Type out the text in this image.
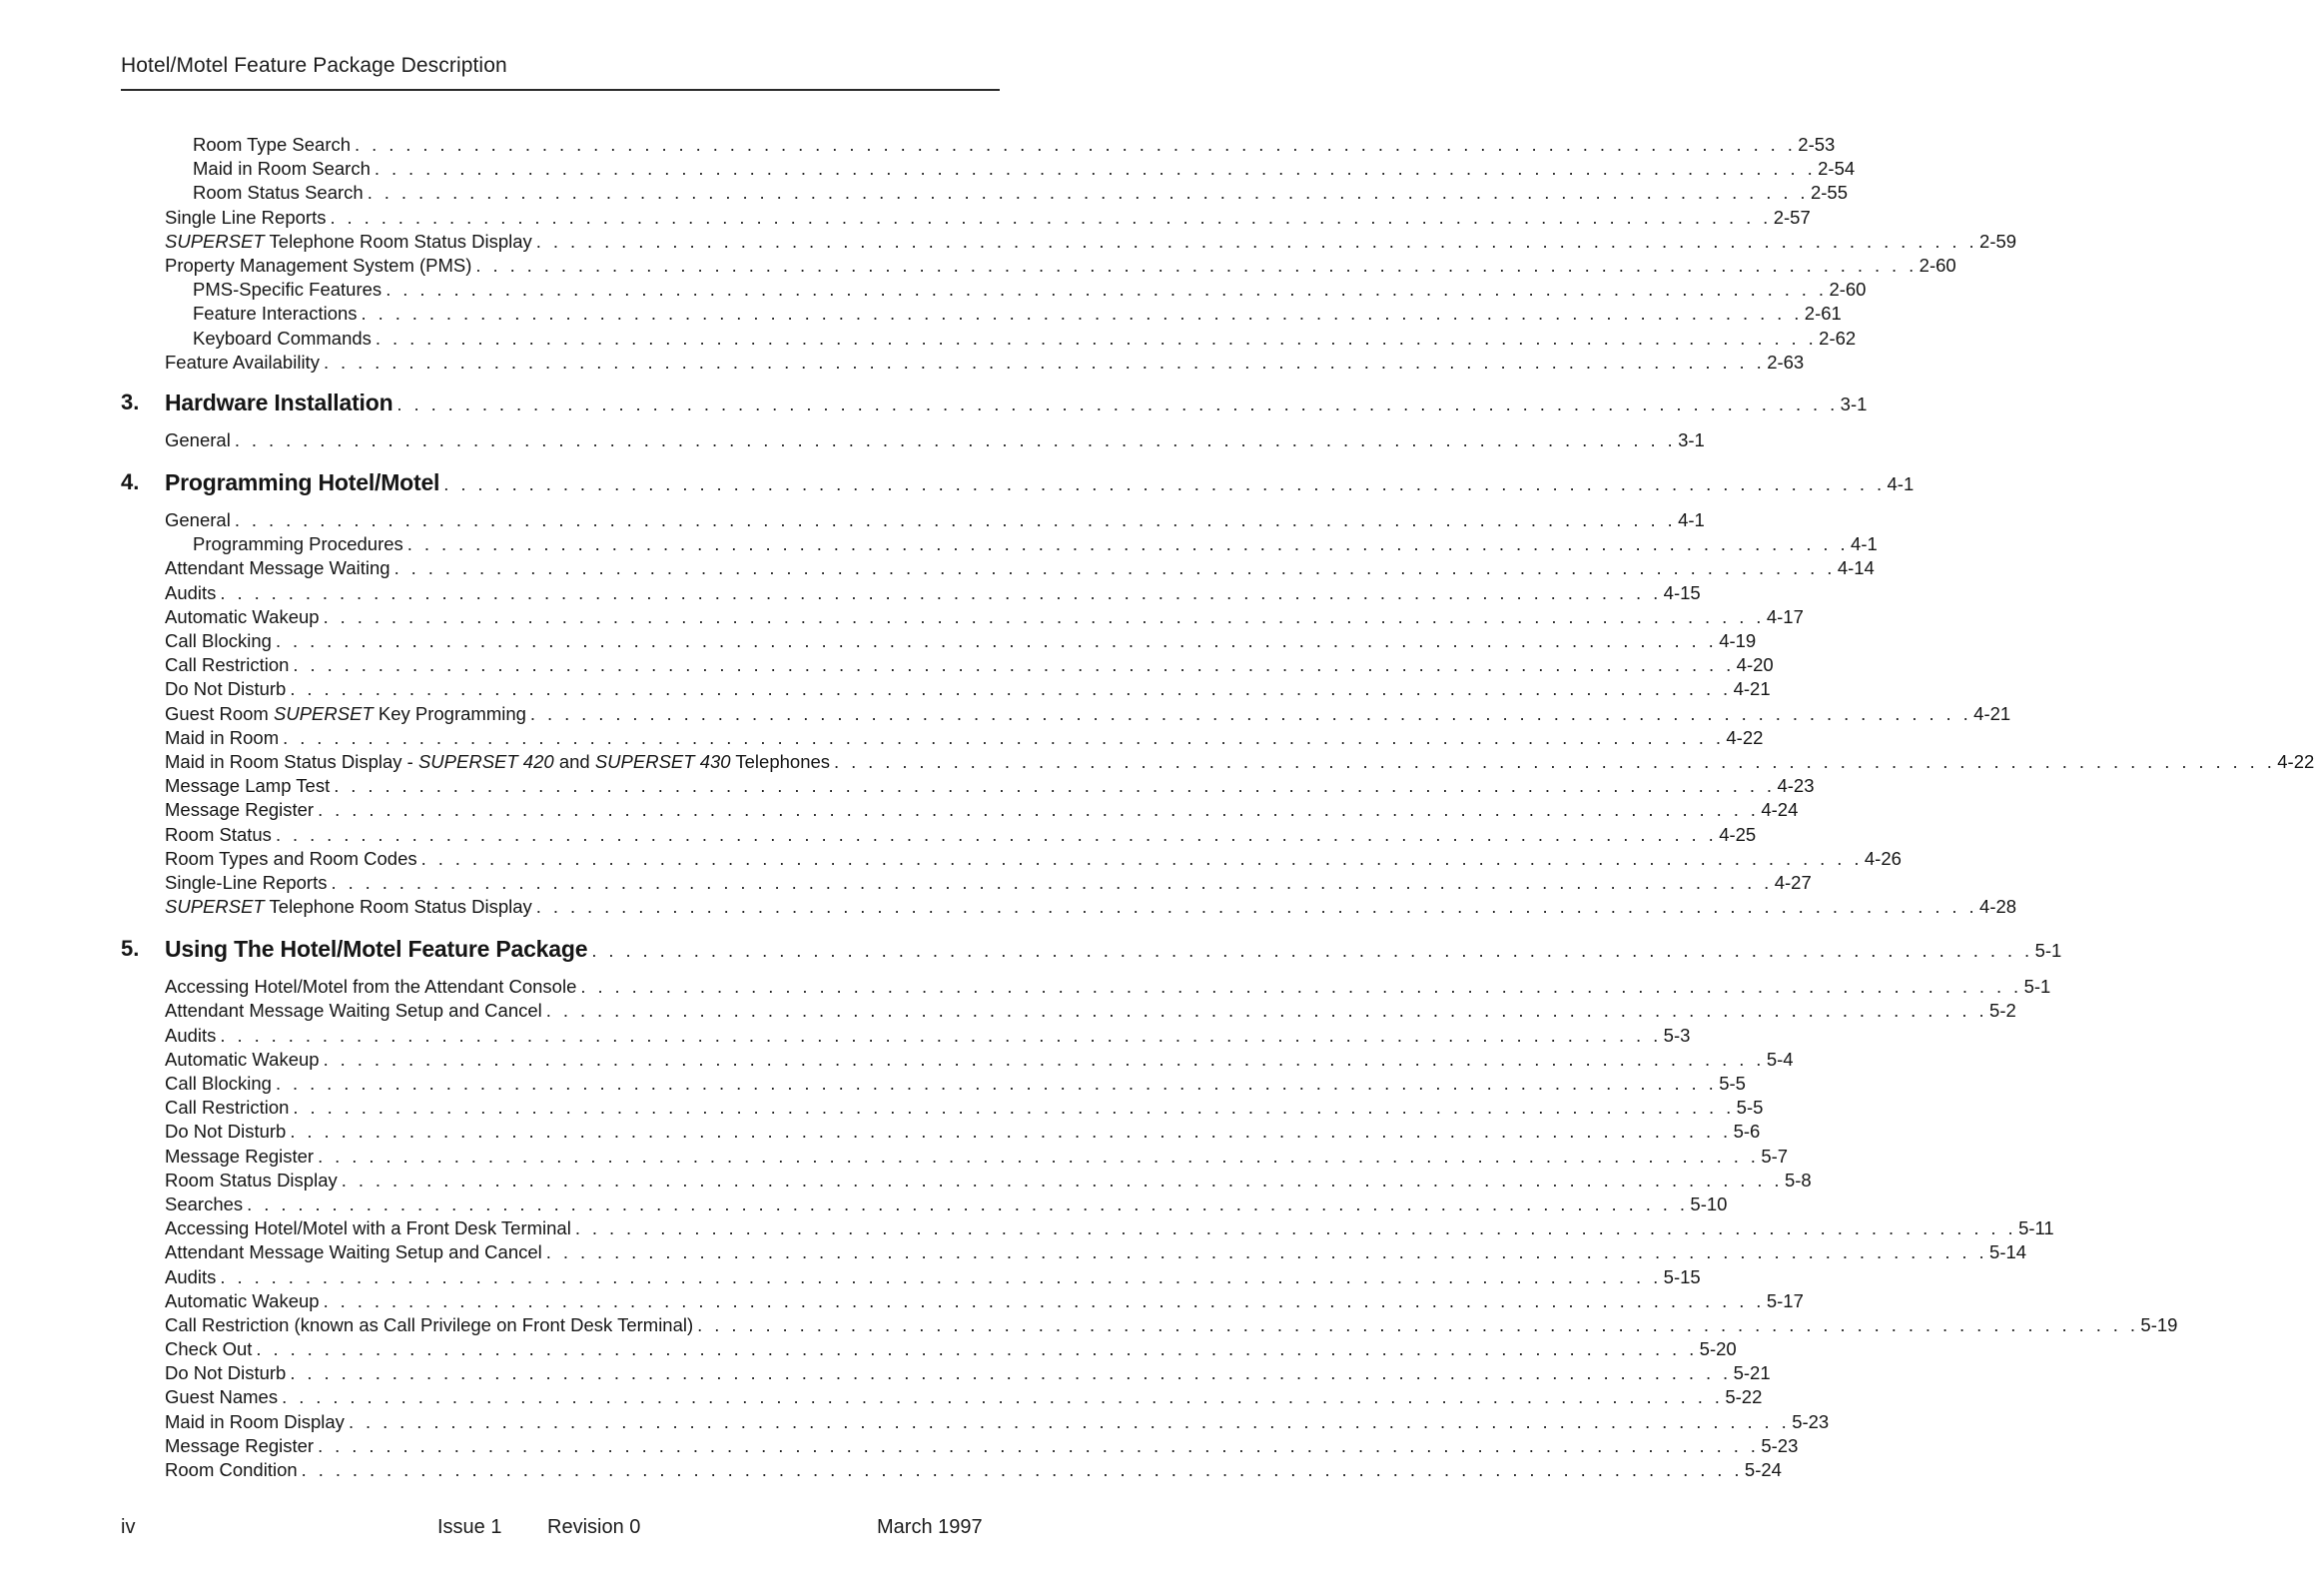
Hotel/Motel Feature Package Description
Room Type Search . . . . . . . . . . . . . . . . . . . . . . . . . . . . . . . . . . . . . . . . . . . . . . . . . . . . . . . . . . . . . . . . . . . . . . . . . . . . . . . . . . . . . 2-53
Maid in Room Search . . . . . . . . . . . . . . . . . . . . . . . . . . . . . . . . . . . . . . . . . . . . . . . . . . . . . . . . . . . . . . . . . . . . . . . . . . . . . . . . . . . . . 2-54
Room Status Search . . . . . . . . . . . . . . . . . . . . . . . . . . . . . . . . . . . . . . . . . . . . . . . . . . . . . . . . . . . . . . . . . . . . . . . . . . . . . . . . . . . . . 2-55
Single Line Reports . . . . . . . . . . . . . . . . . . . . . . . . . . . . . . . . . . . . . . . . . . . . . . . . . . . . . . . . . . . . . . . . . . . . . . . . . . . . . . . . . . . . . 2-57
SUPERSET Telephone Room Status Display . . . . . . . . . . . . . . . . . . . . . . . . . . . . . . . . . . . . . . . . . . . . . . . . . . . . . . . . . . . . . . . . . . . . . . . . . . . . . . . . . . . . . 2-59
Property Management System (PMS) . . . . . . . . . . . . . . . . . . . . . . . . . . . . . . . . . . . . . . . . . . . . . . . . . . . . . . . . . . . . . . . . . . . . . . . . . . . . . . . . . . . . . 2-60
PMS-Specific Features . . . . . . . . . . . . . . . . . . . . . . . . . . . . . . . . . . . . . . . . . . . . . . . . . . . . . . . . . . . . . . . . . . . . . . . . . . . . . . . . . . . . . 2-60
Feature Interactions . . . . . . . . . . . . . . . . . . . . . . . . . . . . . . . . . . . . . . . . . . . . . . . . . . . . . . . . . . . . . . . . . . . . . . . . . . . . . . . . . . . . . 2-61
Keyboard Commands . . . . . . . . . . . . . . . . . . . . . . . . . . . . . . . . . . . . . . . . . . . . . . . . . . . . . . . . . . . . . . . . . . . . . . . . . . . . . . . . . . . . . 2-62
Feature Availability . . . . . . . . . . . . . . . . . . . . . . . . . . . . . . . . . . . . . . . . . . . . . . . . . . . . . . . . . . . . . . . . . . . . . . . . . . . . . . . . . . . . . 2-63
3. Hardware Installation . . . . . . . . . . . . . . . . . . . . . . . . . . . . . . . . . . . . . . . . . . . . . . . . . . . . . . . . . . . . . . . . . . . . . . . . . . . . . . . . . . . . . 3-1
General . . . . . . . . . . . . . . . . . . . . . . . . . . . . . . . . . . . . . . . . . . . . . . . . . . . . . . . . . . . . . . . . . . . . . . . . . . . . . . . . . . . . . 3-1
4. Programming Hotel/Motel . . . . . . . . . . . . . . . . . . . . . . . . . . . . . . . . . . . . . . . . . . . . . . . . . . . . . . . . . . . . . . . . . . . . . . . . . . . . . . . . . . . . . 4-1
General . . . . . . . . . . . . . . . . . . . . . . . . . . . . . . . . . . . . . . . . . . . . . . . . . . . . . . . . . . . . . . . . . . . . . . . . . . . . . . . . . . . . . 4-1
Programming Procedures . . . . . . . . . . . . . . . . . . . . . . . . . . . . . . . . . . . . . . . . . . . . . . . . . . . . . . . . . . . . . . . . . . . . . . . . . . . . . . . . . . . . . 4-1
Attendant Message Waiting . . . . . . . . . . . . . . . . . . . . . . . . . . . . . . . . . . . . . . . . . . . . . . . . . . . . . . . . . . . . . . . . . . . . . . . . . . . . . . . . . . . . . 4-14
Audits . . . . . . . . . . . . . . . . . . . . . . . . . . . . . . . . . . . . . . . . . . . . . . . . . . . . . . . . . . . . . . . . . . . . . . . . . . . . . . . . . . . . . 4-15
Automatic Wakeup . . . . . . . . . . . . . . . . . . . . . . . . . . . . . . . . . . . . . . . . . . . . . . . . . . . . . . . . . . . . . . . . . . . . . . . . . . . . . . . . . . . . . 4-17
Call Blocking . . . . . . . . . . . . . . . . . . . . . . . . . . . . . . . . . . . . . . . . . . . . . . . . . . . . . . . . . . . . . . . . . . . . . . . . . . . . . . . . . . . . . 4-19
Call Restriction . . . . . . . . . . . . . . . . . . . . . . . . . . . . . . . . . . . . . . . . . . . . . . . . . . . . . . . . . . . . . . . . . . . . . . . . . . . . . . . . . . . . . 4-20
Do Not Disturb . . . . . . . . . . . . . . . . . . . . . . . . . . . . . . . . . . . . . . . . . . . . . . . . . . . . . . . . . . . . . . . . . . . . . . . . . . . . . . . . . . . . . 4-21
Guest Room SUPERSET Key Programming . . . . . . . . . . . . . . . . . . . . . . . . . . . . . . . . . . . . . . . . . . . . . . . . . . . . . . . . . . . . . . . . . . . . . . . . . . . . . . . . . . . . . 4-21
Maid in Room . . . . . . . . . . . . . . . . . . . . . . . . . . . . . . . . . . . . . . . . . . . . . . . . . . . . . . . . . . . . . . . . . . . . . . . . . . . . . . . . . . . . . 4-22
Maid in Room Status Display - SUPERSET 420 and SUPERSET 430 Telephones . . . . . . . . . . . . . . . . . . . . . . . . . . . . . . . . . . . . . . . . . . . . . . . . . . . . . . . . . . . . . . . . . . . . . . . . . . . . . . . . . . . . . 4-22
Message Lamp Test . . . . . . . . . . . . . . . . . . . . . . . . . . . . . . . . . . . . . . . . . . . . . . . . . . . . . . . . . . . . . . . . . . . . . . . . . . . . . . . . . . . . . 4-23
Message Register . . . . . . . . . . . . . . . . . . . . . . . . . . . . . . . . . . . . . . . . . . . . . . . . . . . . . . . . . . . . . . . . . . . . . . . . . . . . . . . . . . . . . 4-24
Room Status . . . . . . . . . . . . . . . . . . . . . . . . . . . . . . . . . . . . . . . . . . . . . . . . . . . . . . . . . . . . . . . . . . . . . . . . . . . . . . . . . . . . . 4-25
Room Types and Room Codes . . . . . . . . . . . . . . . . . . . . . . . . . . . . . . . . . . . . . . . . . . . . . . . . . . . . . . . . . . . . . . . . . . . . . . . . . . . . . . . . . . . . . 4-26
Single-Line Reports . . . . . . . . . . . . . . . . . . . . . . . . . . . . . . . . . . . . . . . . . . . . . . . . . . . . . . . . . . . . . . . . . . . . . . . . . . . . . . . . . . . . . 4-27
SUPERSET Telephone Room Status Display . . . . . . . . . . . . . . . . . . . . . . . . . . . . . . . . . . . . . . . . . . . . . . . . . . . . . . . . . . . . . . . . . . . . . . . . . . . . . . . . . . . . . 4-28
5. Using The Hotel/Motel Feature Package . . . . . . . . . . . . . . . . . . . . . . . . . . . . . . . . . . . . . . . . . . . . . . . . . . . . . . . . . . . . . . . . . . . . . . . . . . . . . . . . . . . . . 5-1
Accessing Hotel/Motel from the Attendant Console . . . . . . . . . . . . . . . . . . . . . . . . . . . . . . . . . . . . . . . . . . . . . . . . . . . . . . . . . . . . . . . . . . . . . . . . . . . . . . . . . . . . . 5-1
Attendant Message Waiting Setup and Cancel . . . . . . . . . . . . . . . . . . . . . . . . . . . . . . . . . . . . . . . . . . . . . . . . . . . . . . . . . . . . . . . . . . . . . . . . . . . . . . . . . . . . . 5-2
Audits . . . . . . . . . . . . . . . . . . . . . . . . . . . . . . . . . . . . . . . . . . . . . . . . . . . . . . . . . . . . . . . . . . . . . . . . . . . . . . . . . . . . . 5-3
Automatic Wakeup . . . . . . . . . . . . . . . . . . . . . . . . . . . . . . . . . . . . . . . . . . . . . . . . . . . . . . . . . . . . . . . . . . . . . . . . . . . . . . . . . . . . . 5-4
Call Blocking . . . . . . . . . . . . . . . . . . . . . . . . . . . . . . . . . . . . . . . . . . . . . . . . . . . . . . . . . . . . . . . . . . . . . . . . . . . . . . . . . . . . . 5-5
Call Restriction . . . . . . . . . . . . . . . . . . . . . . . . . . . . . . . . . . . . . . . . . . . . . . . . . . . . . . . . . . . . . . . . . . . . . . . . . . . . . . . . . . . . . 5-5
Do Not Disturb . . . . . . . . . . . . . . . . . . . . . . . . . . . . . . . . . . . . . . . . . . . . . . . . . . . . . . . . . . . . . . . . . . . . . . . . . . . . . . . . . . . . . 5-6
Message Register . . . . . . . . . . . . . . . . . . . . . . . . . . . . . . . . . . . . . . . . . . . . . . . . . . . . . . . . . . . . . . . . . . . . . . . . . . . . . . . . . . . . . 5-7
Room Status Display . . . . . . . . . . . . . . . . . . . . . . . . . . . . . . . . . . . . . . . . . . . . . . . . . . . . . . . . . . . . . . . . . . . . . . . . . . . . . . . . . . . . . 5-8
Searches . . . . . . . . . . . . . . . . . . . . . . . . . . . . . . . . . . . . . . . . . . . . . . . . . . . . . . . . . . . . . . . . . . . . . . . . . . . . . . . . . . . . . 5-10
Accessing Hotel/Motel with a Front Desk Terminal . . . . . . . . . . . . . . . . . . . . . . . . . . . . . . . . . . . . . . . . . . . . . . . . . . . . . . . . . . . . . . . . . . . . . . . . . . . . . . . . . . . . . 5-11
Attendant Message Waiting Setup and Cancel . . . . . . . . . . . . . . . . . . . . . . . . . . . . . . . . . . . . . . . . . . . . . . . . . . . . . . . . . . . . . . . . . . . . . . . . . . . . . . . . . . . . . 5-14
Audits . . . . . . . . . . . . . . . . . . . . . . . . . . . . . . . . . . . . . . . . . . . . . . . . . . . . . . . . . . . . . . . . . . . . . . . . . . . . . . . . . . . . . 5-15
Automatic Wakeup . . . . . . . . . . . . . . . . . . . . . . . . . . . . . . . . . . . . . . . . . . . . . . . . . . . . . . . . . . . . . . . . . . . . . . . . . . . . . . . . . . . . . 5-17
Call Restriction (known as Call Privilege on Front Desk Terminal) . . . . . . . . . . . . . . . . . . . . . . . . . . . . . . . . . . . . . . . . . . . . . . . . . . . . . . . . . . . . . . . . . . . . . . . . . . . . . . . . . . . . . 5-19
Check Out . . . . . . . . . . . . . . . . . . . . . . . . . . . . . . . . . . . . . . . . . . . . . . . . . . . . . . . . . . . . . . . . . . . . . . . . . . . . . . . . . . . . . 5-20
Do Not Disturb . . . . . . . . . . . . . . . . . . . . . . . . . . . . . . . . . . . . . . . . . . . . . . . . . . . . . . . . . . . . . . . . . . . . . . . . . . . . . . . . . . . . . 5-21
Guest Names . . . . . . . . . . . . . . . . . . . . . . . . . . . . . . . . . . . . . . . . . . . . . . . . . . . . . . . . . . . . . . . . . . . . . . . . . . . . . . . . . . . . . 5-22
Maid in Room Display . . . . . . . . . . . . . . . . . . . . . . . . . . . . . . . . . . . . . . . . . . . . . . . . . . . . . . . . . . . . . . . . . . . . . . . . . . . . . . . . . . . . . 5-23
Message Register . . . . . . . . . . . . . . . . . . . . . . . . . . . . . . . . . . . . . . . . . . . . . . . . . . . . . . . . . . . . . . . . . . . . . . . . . . . . . . . . . . . . . 5-23
Room Condition . . . . . . . . . . . . . . . . . . . . . . . . . . . . . . . . . . . . . . . . . . . . . . . . . . . . . . . . . . . . . . . . . . . . . . . . . . . . . . . . . . . . . 5-24
iv	Issue 1 Revision 0	March 1997
